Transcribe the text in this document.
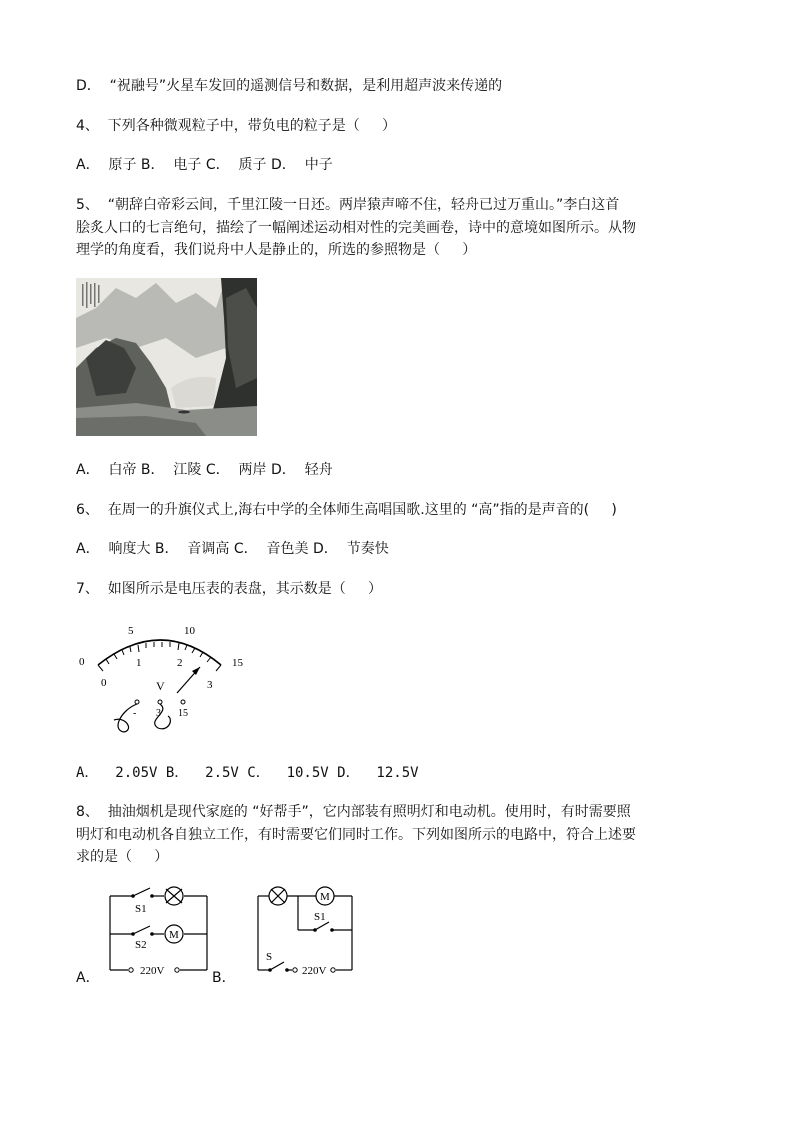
D．  “祝融号”火星车发回的遥测信号和数据，是利用超声波来传递的
4、  下列各种微观粒子中，带负电的粒子是（     ）
A．  原子 B．  电子 C．  质子 D．  中子
5、  “朝辞白帝彩云间，千里江陵一日还。两岸猿声啼不住，轻舟已过万重山。”李白这首
脍炙人口的七言绝句，描绘了一幅阐述运动相对性的完美画卷，诗中的意境如图所示。从物
理学的角度看，我们说舟中人是静止的，所选的参照物是（     ）
A．  白帝 B．  江陵 C．  两岸 D．  轻舟
6、  在周一的升旗仪式上,海右中学的全体师生高唱国歌.这里的 “高”指的是声音的(     )
A．  响度大 B．  音调高 C．  音色美 D．  节奏快
7、  如图所示是电压表的表盘，其示数是（     ）
0
5	10
15
0
1	2
3
V
- 3 15
A．  2.05V B．  2.5V C．  10.5V D．  12.5V
8、  抽油烟机是现代家庭的 “好帮手”，它内部装有照明灯和电动机。使用时，有时需要照
明灯和电动机各自独立工作，有时需要它们同时工作。下列如图所示的电路中，符合上述要
求的是（     ）
A．
S1
S2
M
220V	B．
M
S1
S
220V
